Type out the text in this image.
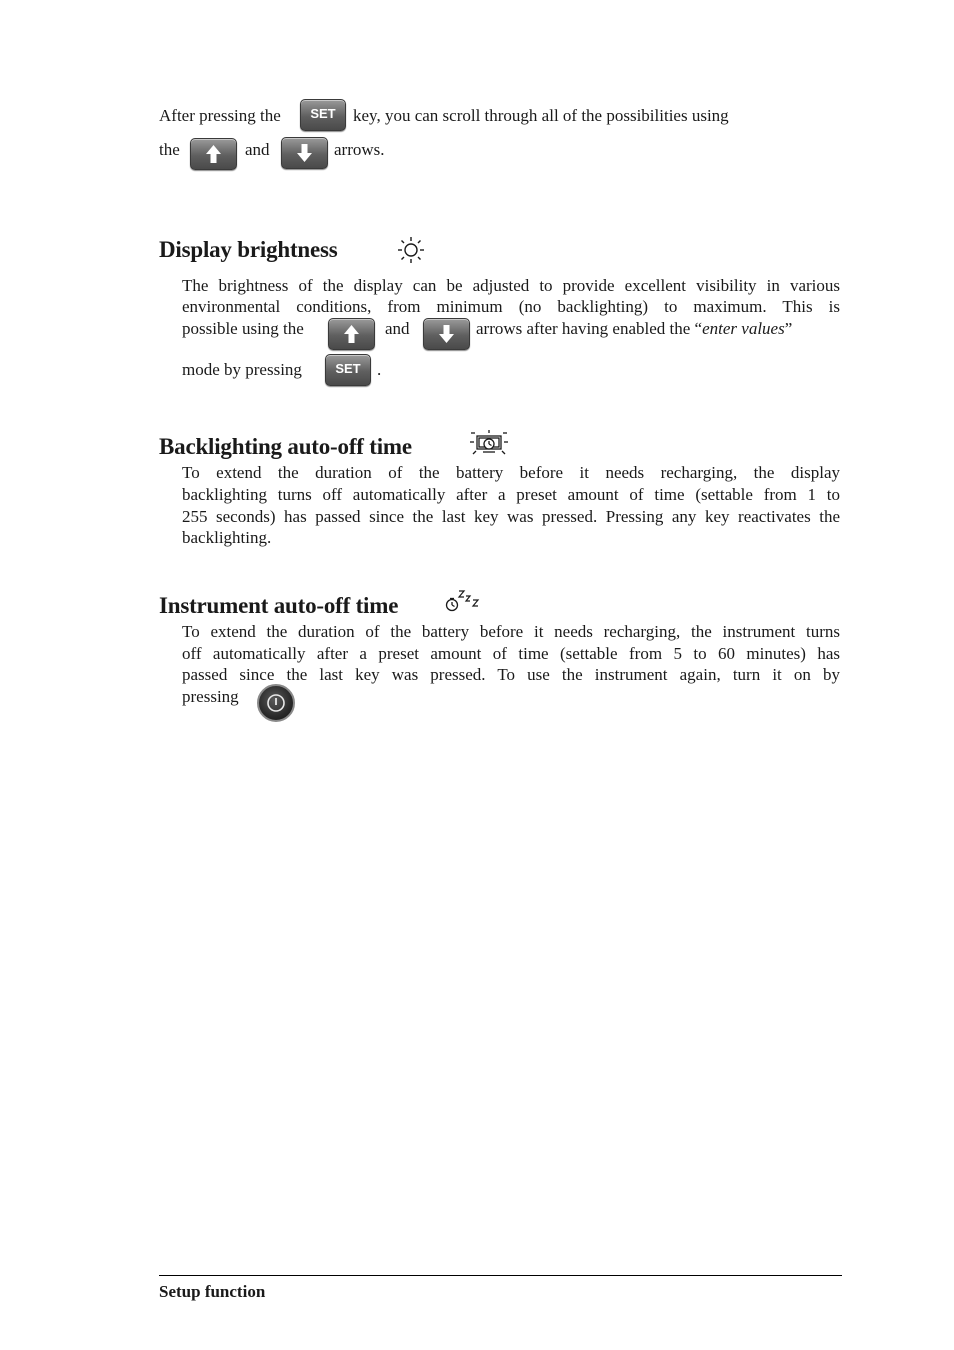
After pressing the	SET	key, you can scroll through all of the possibilities using
the	and	arrows.
Display brightness
The brightness of the display can be adjusted to provide excellent visibility in various
environmental conditions, from minimum (no backlighting) to maximum. This is
possible using the	and	arrows after having enabled the “enter values”
mode by pressing	SET .
Backlighting auto-off time
To extend the duration of the battery before it needs recharging, the display
backlighting turns off automatically after a preset amount of time (settable from 1 to
255 seconds) has passed since the last key was pressed. Pressing any key reactivates the
backlighting.
Instrument auto-off time
To extend the duration of the battery before it needs recharging, the instrument turns
off automatically after a preset amount of time (settable from 5 to 60 minutes) has
passed since the last key was pressed. To use the instrument again, turn it on by
pressing
Setup function
